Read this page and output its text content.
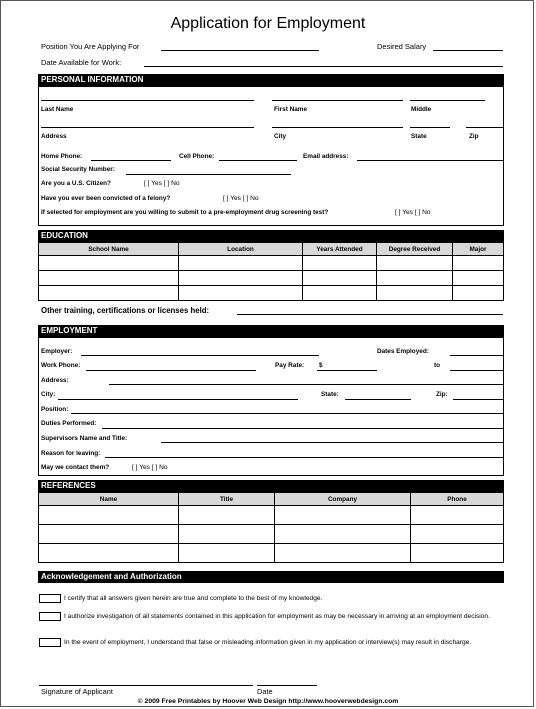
Application for Employment
Position You Are Applying For	Desired Salary
Date Available for Work:
PERSONAL INFORMATION
Last Name	First Name	Middle
Address	City	State	Zip
Home Phone:	Cell Phone:	Email address:
Social Security Number:
Are you a U.S. Citizen?	[ ] Yes [ ] No
Have you ever been convicted of a felony?	[ ] Yes [ ] No
If selected for employment are you willing to submit to a pre-employment drug screening test?	[ ] Yes [ ] No
EDUCATION
School Name	Location	Years Attended	Degree Received	Major

Other training, certifications or licenses held:
EMPLOYMENT
Employer:	Dates Employed:
Work Phone:	Pay Rate: $	to
Address:
City:	State:	Zip:
Position:
Duties Performed:
Supervisors Name and Title:
Reason for leaving:
May we contact them?	[ ] Yes [ ] No
REFERENCES
Name	Title	Company	Phone

Acknowledgement and Authorization
I certify that all answers given herein are true and complete to the best of my knowledge.
I authorize investigation of all statements contained in this application for employment as may be necessary in arriving at an employment decision.
In the event of employment, I understand that false or misleading information given in my application or interview(s) may result in discharge.
Signature of Applicant	Date
© 2009 Free Printables by Hoover Web Design http://www.hooverwebdesign.com
